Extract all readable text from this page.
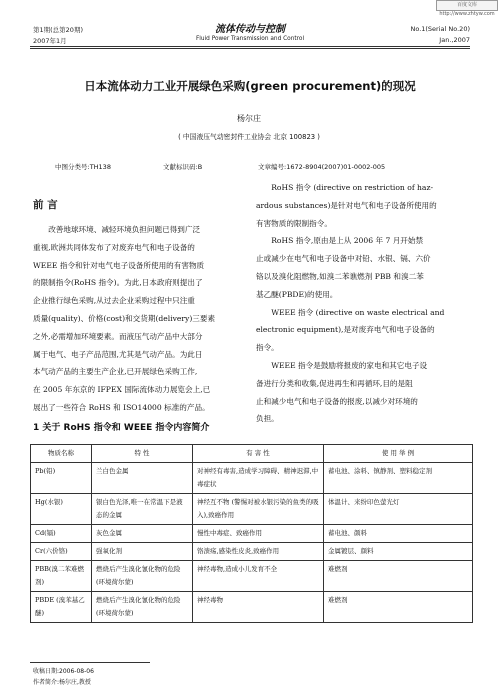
百度文库 http://www.zhtyw.com
第1期(总第20期)
2007年1月
流体传动与控制
Fluid Power Transmission and Control
No.1(Serial No.20)
Jan.,2007
日本流体动力工业开展绿色采购(green procurement)的现况
杨尔庄
( 中国液压气动密封件工业协会 北京 100823 )
中图分类号:TH138	文献标识码:B	文章编号:1672-8904(2007)01-0002-005
前 言
改善地球环境、减轻环境负担问题已得到广泛
重视,欧洲共同体发布了对废弃电气和电子设备的
WEEE 指令和针对电气电子设备所使用的有害物质
的限制指令(RoHS 指令)。为此,日本政府则提出了
企业推行绿色采购,从过去企业采购过程中只注重
质量(quality)、价格(cost)和交货期(delivery)三要素
之外,必需增加环境要素。而液压气动产品中大部分
属于电气、电子产品范围,尤其是气动产品。为此日
本气动产品的主要生产企业,已开展绿色采购工作,
在 2005 年东京的 IFPEX 国际流体动力展览会上,已
展出了一些符合 RoHS 和 ISO14000 标准的产品。
1 关于 RoHS 指令和 WEEE 指令内容简介
RoHS 指令 (directive on restriction of haz-
ardous substances)是针对电气和电子设备所使用的
有害物质的限制指令。
RoHS 指令,原由是上从 2006 年 7 月开始禁
止或减少在电气和电子设备中对铅、水银、镉、六价
铬以及溴化阻燃物,如溴二苯谯燃剂 PBB 和溴二苯
基乙醚(PBDE)的使用。
WEEE 指令 (directive on waste electrical and
electronic equipment),是对废弃电气和电子设备的
指令。
WEEE 指令是鼓励将报废的家电和其它电子设
备进行分类和收集,促进再生和再循环,目的是阻
止和减少电气和电子设备的报废,以减少对环境的
负担。
物质名称	特 性	有 害 性	使 用 举 例
Pb(铅)	兰白色金属	对神经有毒害,造成学习障碍、精神迟滞,中毒症状	蓄电池、涂料、镇静剂、塑料稳定剂
Hg(水银)	银白色光泽,唯一在常温下是液态的金属	神经互不物 (警惕对被水银污染的鱼类的吸入),致癌作用	体温计、来纷印色萤光灯
Cd(镉)	灰色金属	慢性中毒症、致癌作用	蓄电池、颜料
Cr(六价铬)	强氧化剂	铬溃疡,感染性皮炎,致癌作用	金属镀层、颜料
PBB(溴二苯难燃剂)	燃烧后产生溴化氰化物的危险(环境荷尔蒙)	神经毒物,造成小儿发育不全	难燃剂
PBDE (溴苯基乙醚)	燃烧后产生溴化氰化物的危险(环境荷尔蒙)	神经毒物	难燃剂
收稿日期:2006-08-06
作者简介:杨尔庄,教授
